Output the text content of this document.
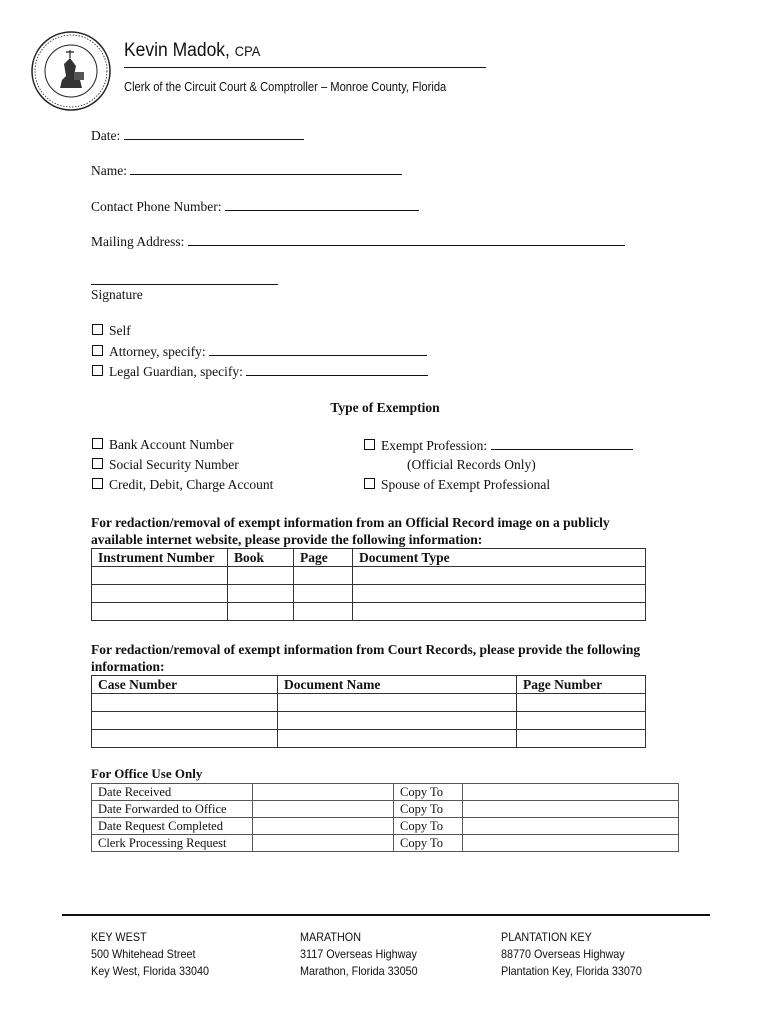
Kevin Madok, CPA
Clerk of the Circuit Court & Comptroller – Monroe County, Florida
Date:
Name:
Contact Phone Number:
Mailing Address:
Signature
Self
Attorney, specify:
Legal Guardian, specify:
Type of Exemption
Bank Account Number
Social Security Number
Credit, Debit, Charge Account
Exempt Profession:
(Official Records Only)
Spouse of Exempt Professional
For redaction/removal of exempt information from an Official Record image on a publicly
available internet website, please provide the following information:
Instrument Number	Book	Page	Document Type

For redaction/removal of exempt information from Court Records, please provide the following
information:
Case Number	Document Name	Page Number

For Office Use Only
Date Received		Copy To	
Date Forwarded to Office		Copy To	
Date Request Completed		Copy To	
Clerk Processing Request		Copy To	
KEY WEST
500 Whitehead Street
Key West, Florida 33040
MARATHON
3117 Overseas Highway
Marathon, Florida 33050
PLANTATION KEY
88770 Overseas Highway
Plantation Key, Florida 33070
